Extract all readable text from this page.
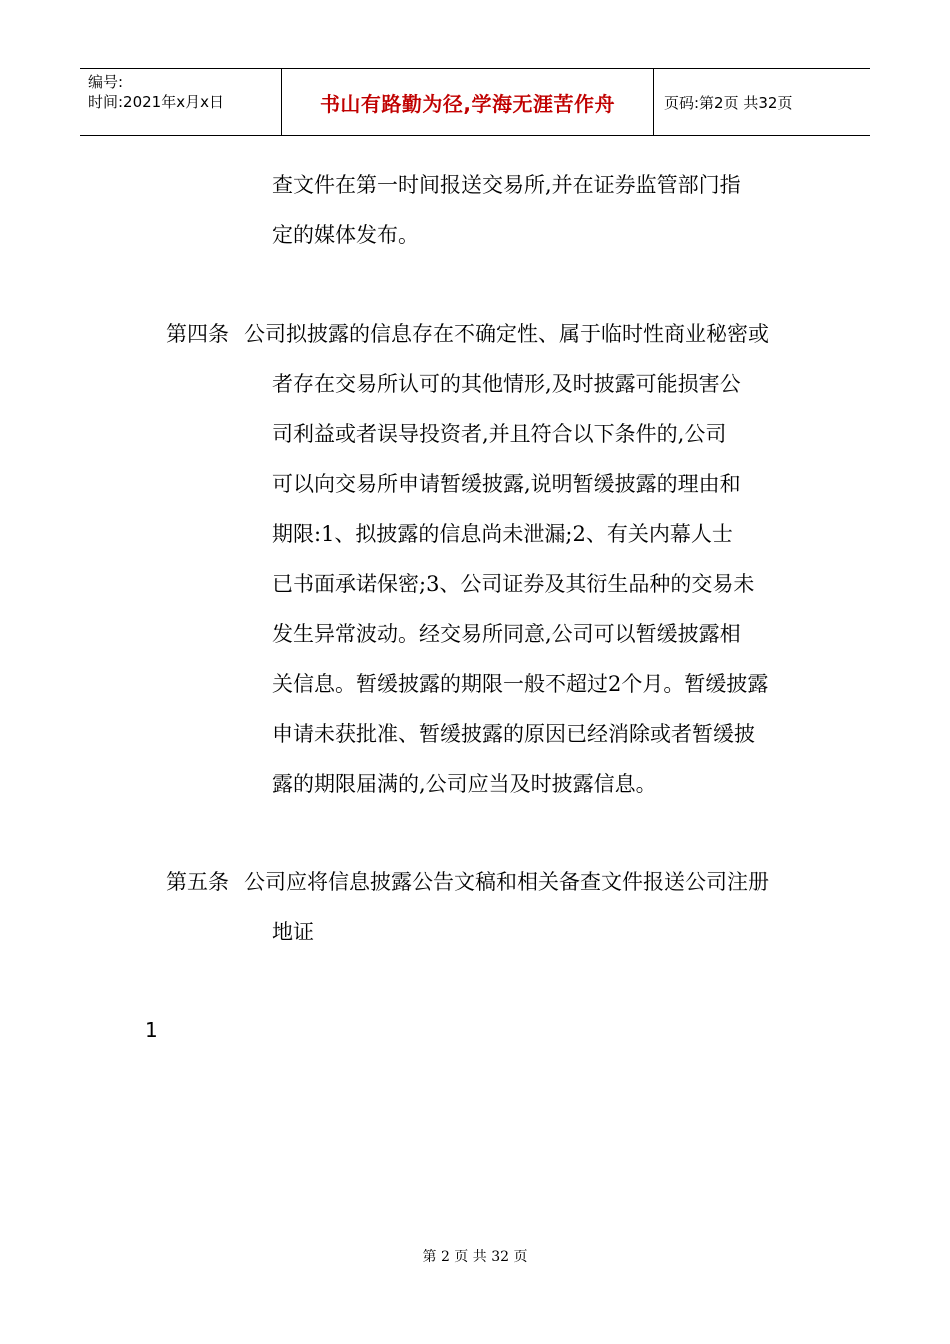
编号:
时间:2021年x月x日	书山有路勤为径,学海无涯苦作舟	页码:第2页 共32页
查文件在第一时间报送交易所,并在证券监管部门指
定的媒体发布。
第四条 公司拟披露的信息存在不确定性、属于临时性商业秘密或
者存在交易所认可的其他情形,及时披露可能损害公
司利益或者误导投资者,并且符合以下条件的,公司
可以向交易所申请暂缓披露,说明暂缓披露的理由和
期限:1、拟披露的信息尚未泄漏;2、有关内幕人士
已书面承诺保密;3、公司证券及其衍生品种的交易未
发生异常波动。经交易所同意,公司可以暂缓披露相
关信息。暂缓披露的期限一般不超过2个月。暂缓披露
申请未获批准、暂缓披露的原因已经消除或者暂缓披
露的期限届满的,公司应当及时披露信息。
第五条 公司应将信息披露公告文稿和相关备查文件报送公司注册
地证
1
第 2 页 共 32 页
